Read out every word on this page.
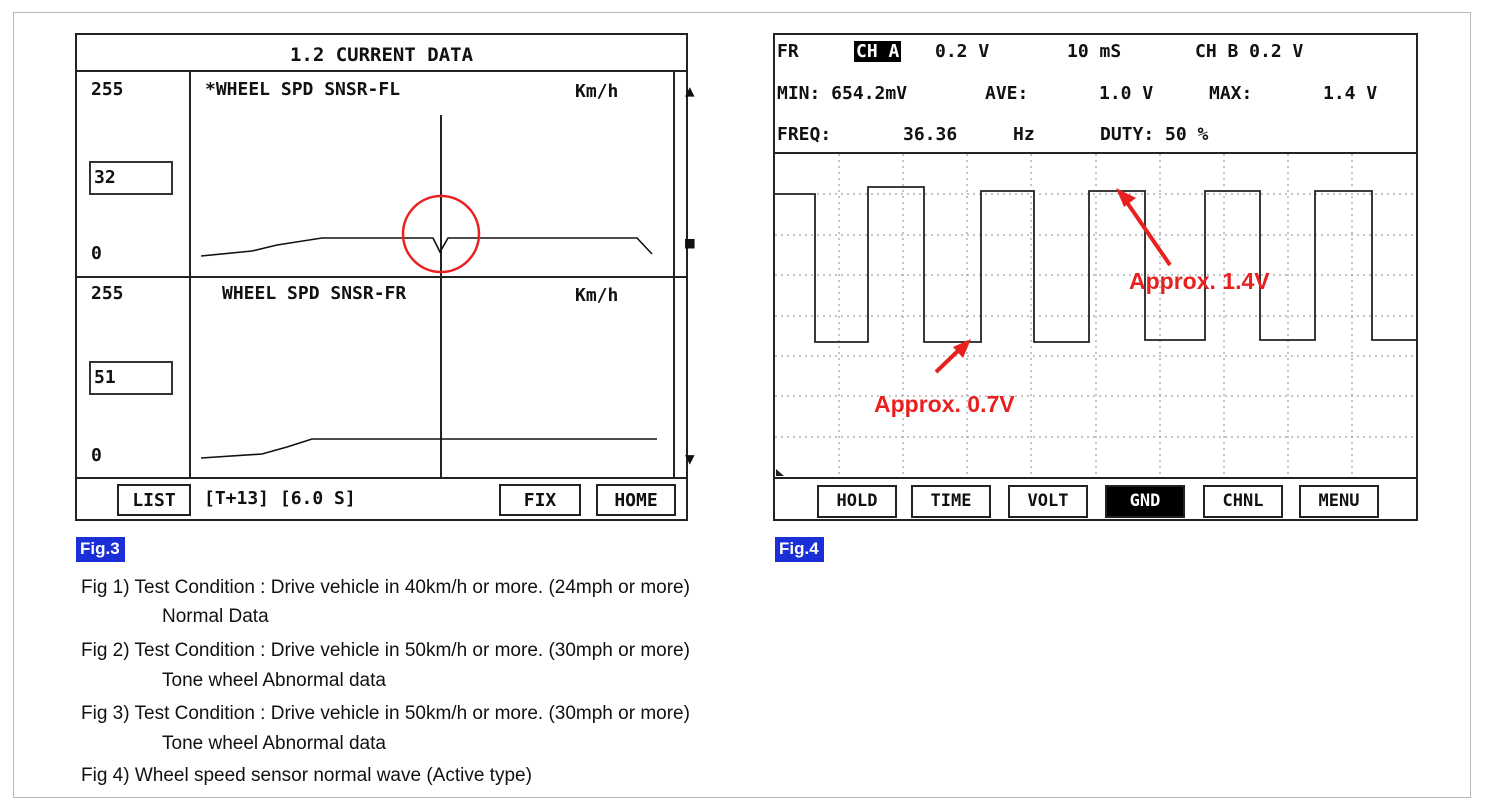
1.2 CURRENT DATA
255
32
0
*WHEEL SPD SNSR-FL	Km/h
255
51
0
WHEEL SPD SNSR-FR	Km/h
▲
■
▼
LIST	[T+13] [6.0 S]	FIX	HOME
Fig.3
FR	CH A 0.2 V	10 mS	CH B 0.2 V
MIN: 654.2mV	AVE:	1.0 V	MAX:	1.4 V
FREQ:	36.36	Hz	DUTY: 50 %
HOLD	TIME	VOLT	GND	CHNL	MENU
Approx. 1.4V
Approx. 0.7V
Fig.4
Fig 1) Test Condition : Drive vehicle in 40km/h or more. (24mph or more)
Normal Data
Fig 2) Test Condition : Drive vehicle in 50km/h or more. (30mph or more)
Tone wheel Abnormal data
Fig 3) Test Condition : Drive vehicle in 50km/h or more. (30mph or more)
Tone wheel Abnormal data
Fig 4) Wheel speed sensor normal wave (Active type)
